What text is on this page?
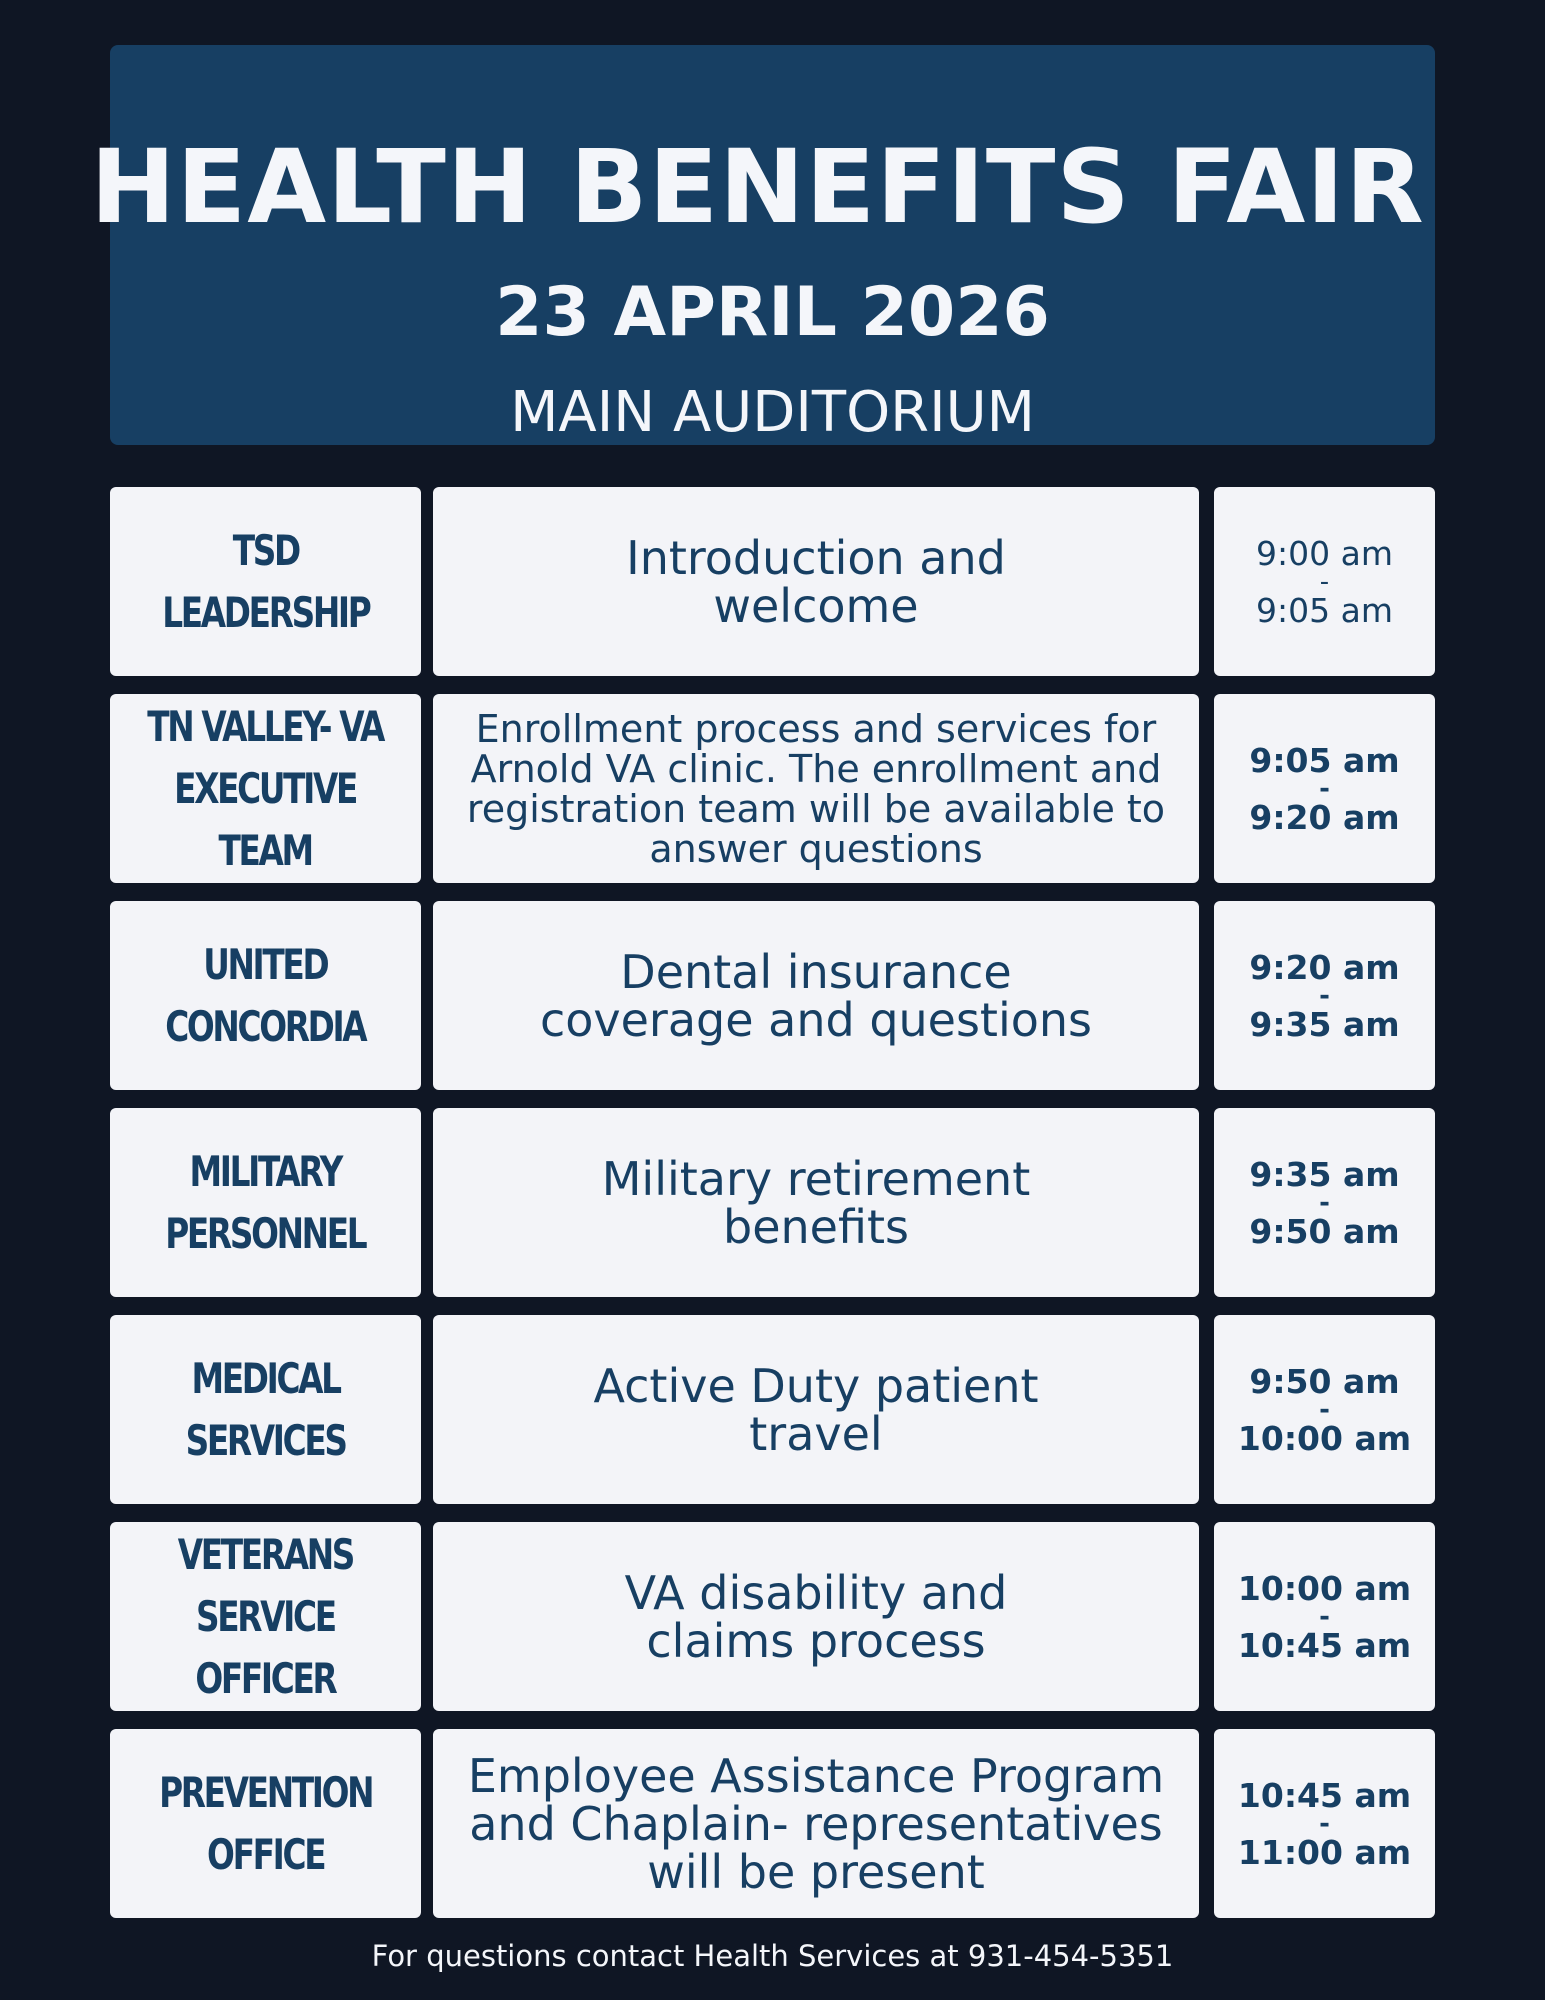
HEALTH BENEFITS FAIR
23 APRIL 2026
MAIN AUDITORIUM
TSD
LEADERSHIP
Introduction and
welcome
9:00 am
-
9:05 am
TN VALLEY- VA
EXECUTIVE
TEAM
Enrollment process and services for
Arnold VA clinic. The enrollment and
registration team will be available to
answer questions
9:05 am
-
9:20 am
UNITED
CONCORDIA
Dental insurance
coverage and questions
9:20 am
-
9:35 am
MILITARY
PERSONNEL
Military retirement
benefits
9:35 am
-
9:50 am
MEDICAL
SERVICES
Active Duty patient
travel
9:50 am
-
10:00 am
VETERANS
SERVICE
OFFICER
VA disability and
claims process
10:00 am
-
10:45 am
PREVENTION
OFFICE
Employee Assistance Program
and Chaplain- representatives
will be present
10:45 am
-
11:00 am
For questions contact Health Services at 931-454-5351
